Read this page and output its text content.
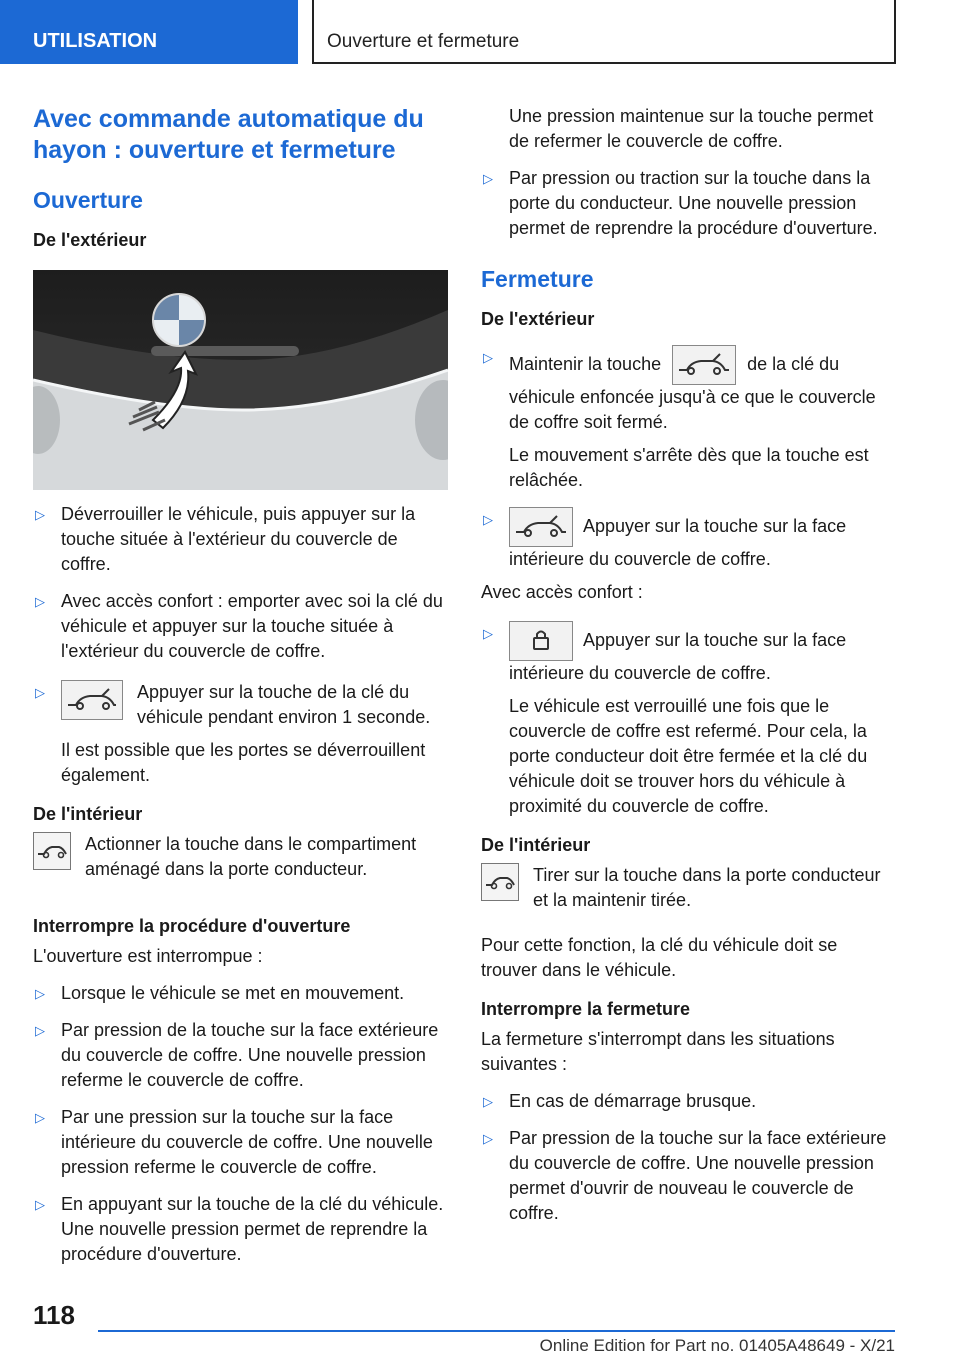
UTILISATION	Ouverture et fermeture
Avec commande automatique du hayon : ouverture et fermeture
Ouverture
De l'extérieur
▷ Déverrouiller le véhicule, puis appuyer sur la touche située à l'extérieur du couvercle de coffre.
▷ Avec accès confort : emporter avec soi la clé du véhicule et appuyer sur la touche située à l'extérieur du couvercle de coffre.
▷	Appuyer sur la touche de la clé du véhicule pendant environ 1 seconde.
Il est possible que les portes se déverrouillent également.
De l'intérieur
Actionner la touche dans le compartiment aménagé dans la porte conducteur.
Interrompre la procédure d'ouverture
L'ouverture est interrompue :
▷ Lorsque le véhicule se met en mouvement.
▷ Par pression de la touche sur la face extérieure du couvercle de coffre. Une nouvelle pression referme le couvercle de coffre.
▷ Par une pression sur la touche sur la face intérieure du couvercle de coffre. Une nouvelle pression referme le couvercle de coffre.
▷ En appuyant sur la touche de la clé du véhicule. Une nouvelle pression permet de reprendre la procédure d'ouverture.
Une pression maintenue sur la touche permet de refermer le couvercle de coffre.
▷ Par pression ou traction sur la touche dans la porte du conducteur. Une nouvelle pression permet de reprendre la procédure d'ouverture.
Fermeture
De l'extérieur
▷ Maintenir la touche	de la clé du véhicule enfoncée jusqu'à ce que le couvercle de coffre soit fermé.
Le mouvement s'arrête dès que la touche est relâchée.
▷	Appuyer sur la touche sur la face intérieure du couvercle de coffre.
Avec accès confort :
▷	Appuyer sur la touche sur la face intérieure du couvercle de coffre.
Le véhicule est verrouillé une fois que le couvercle de coffre est refermé. Pour cela, la porte conducteur doit être fermée et la clé du véhicule doit se trouver hors du véhicule à proximité du couvercle de coffre.
De l'intérieur
Tirer sur la touche dans la porte conducteur et la maintenir tirée.
Pour cette fonction, la clé du véhicule doit se trouver dans le véhicule.
Interrompre la fermeture
La fermeture s'interrompt dans les situations suivantes :
▷ En cas de démarrage brusque.
▷ Par pression de la touche sur la face extérieure du couvercle de coffre. Une nouvelle pression permet d'ouvrir de nouveau le couvercle de coffre.
118
Online Edition for Part no. 01405A48649 - X/21
